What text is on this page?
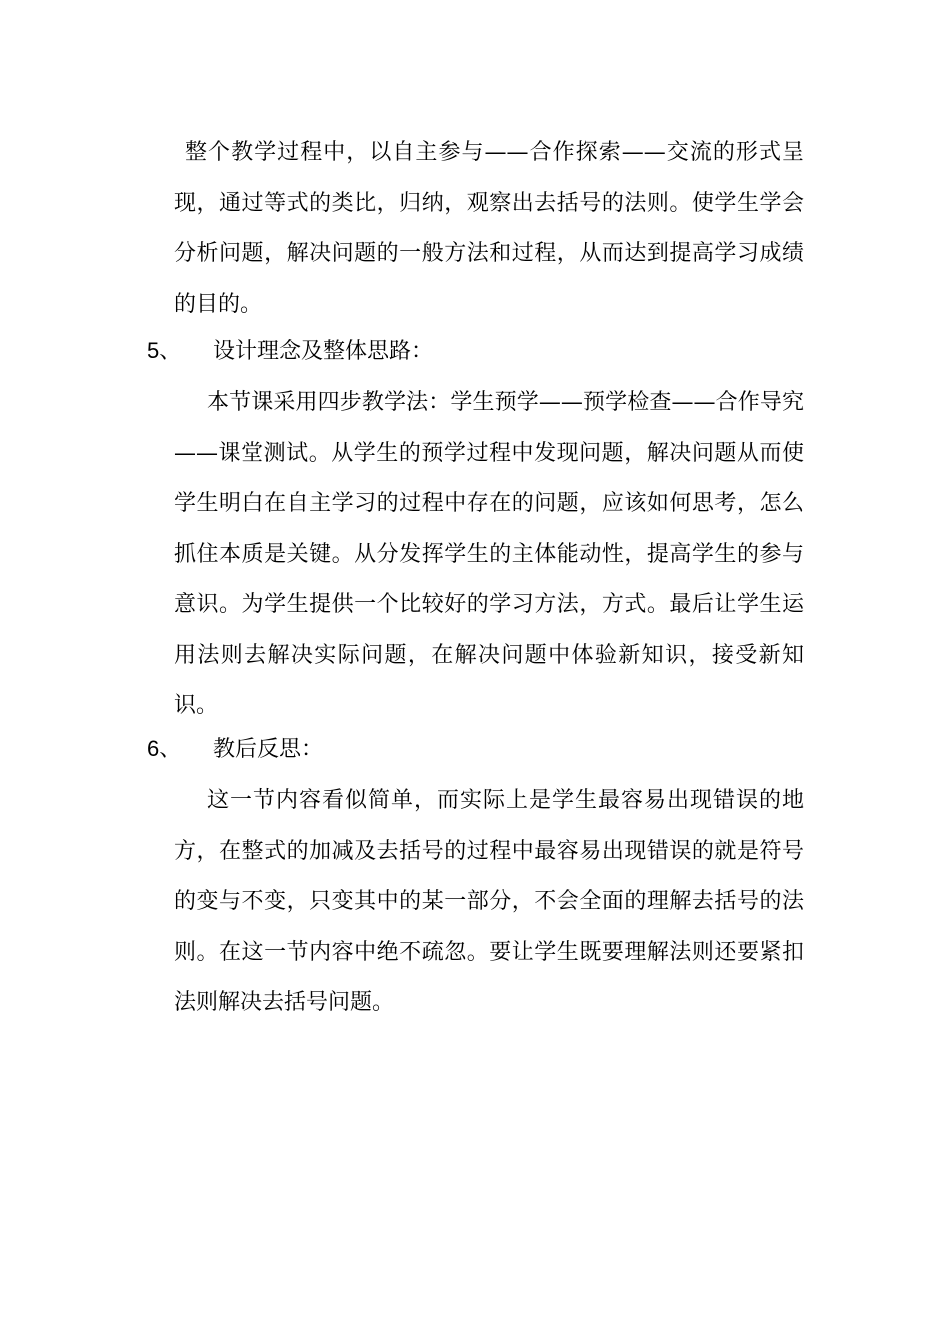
整个教学过程中，以自主参与——合作探索——交流的形式呈现，通过等式的类比，归纳，观察出去括号的法则。使学生学会分析问题，解决问题的一般方法和过程，从而达到提高学习成绩的目的。

5、 设计理念及整体思路：

本节课采用四步教学法：学生预学——预学检查——合作导究——课堂测试。从学生的预学过程中发现问题，解决问题从而使学生明白在自主学习的过程中存在的问题，应该如何思考，怎么抓住本质是关键。从分发挥学生的主体能动性，提高学生的参与意识。为学生提供一个比较好的学习方法，方式。最后让学生运用法则去解决实际问题，在解决问题中体验新知识，接受新知识。

6、 教后反思：

这一节内容看似简单，而实际上是学生最容易出现错误的地方，在整式的加减及去括号的过程中最容易出现错误的就是符号的变与不变，只变其中的某一部分，不会全面的理解去括号的法则。在这一节内容中绝不疏忽。要让学生既要理解法则还要紧扣法则解决去括号问题。
